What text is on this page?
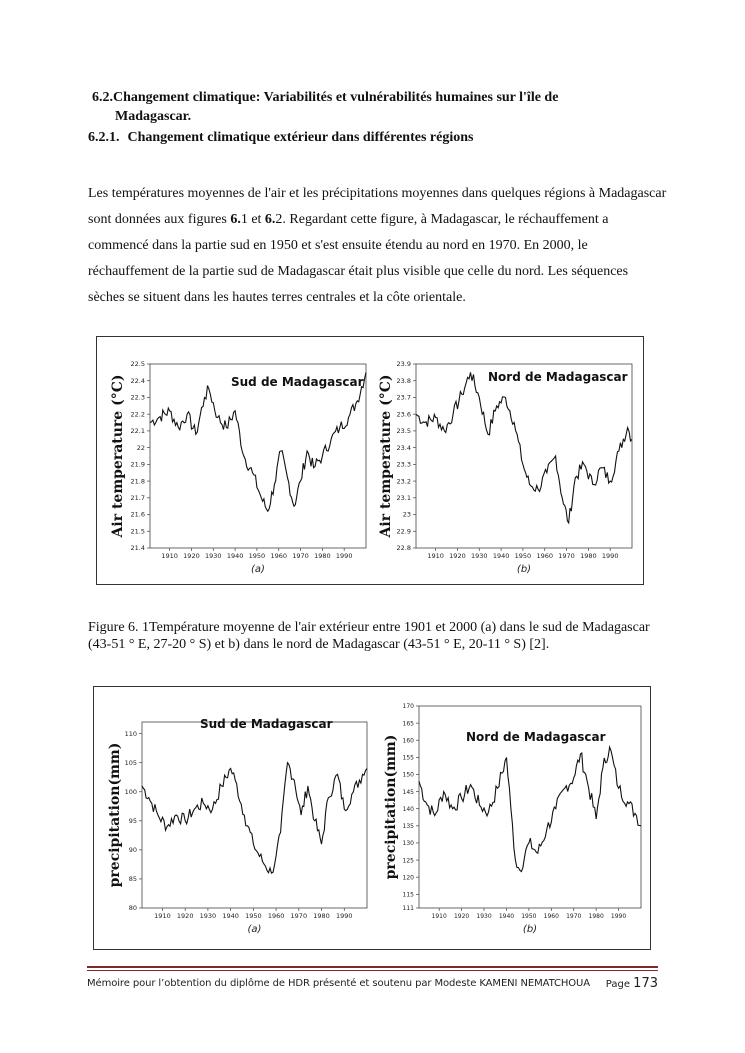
6.2.Changement climatique: Variabilités et vulnérabilités humaines sur l'île de
Madagascar.
6.2.1. Changement climatique extérieur dans différentes régions
Les températures moyennes de l'air et les précipitations moyennes dans quelques régions à Madagascar sont données aux figures 6.1 et 6.2. Regardant cette figure, à Madagascar, le réchauffement a commencé dans la partie sud en 1950 et s'est ensuite étendu au nord en 1970. En 2000, le réchauffement de la partie sud de Madagascar était plus visible que celle du nord. Les séquences sèches se situent dans les hautes terres centrales et la côte orientale.
21.4
21.5
21.6
21.7
21.8
21.9
22
22.1
22.2
22.3
22.4
22.5
1910 1920 1930 1940 1950 1960 1970 1980 1990
Sud de Madagascar
Air temperature (°C)
(a)
22.8
22.9
23
23.1
23.2
23.3
23.4
23.5
23.6
23.7
23.8
23.9
1910 1920 1930 1940 1950 1960 1970 1980 1990
Nord de Madagascar
Air temperature (°C)
(b)
Figure 6. 1Température moyenne de l'air extérieur entre 1901 et 2000 (a) dans le sud de Madagascar (43-51 ° E, 27-20 ° S) et b) dans le nord de Madagascar (43-51 ° E, 20-11 ° S) [2].
80
85
90
95
100
105
110
1910 1920 1930 1940 1950 1960 1970 1980 1990
Sud de Madagascar
precipitation(mm)
(a)
111
115
120
125
130
135
140
145
150
155
160
165
170
1910 1920 1930 1940 1950 1960 1970 1980 1990
Nord de Madagascar
precipitation(mm)
(b)
Mémoire pour l’obtention du diplôme de HDR présenté et soutenu par Modeste KAMENI NEMATCHOUA Page 173
